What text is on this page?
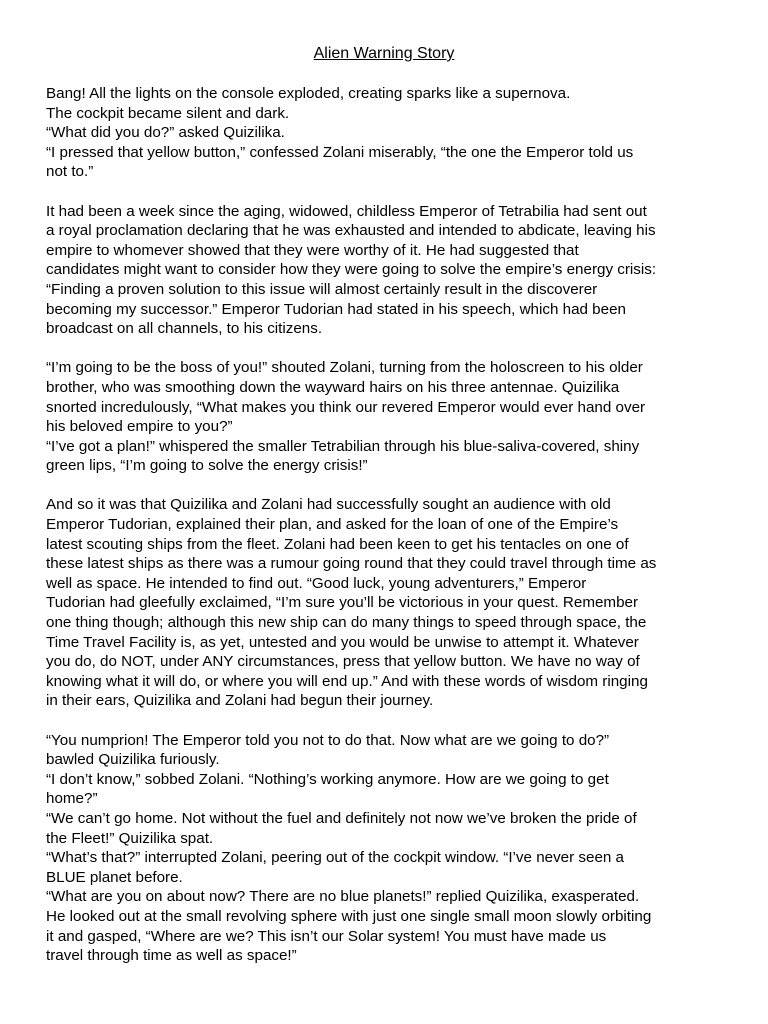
Alien Warning Story
Bang! All the lights on the console exploded, creating sparks like a supernova.
The cockpit became silent and dark.
“What did you do?” asked Quizilika.
“I pressed that yellow button,” confessed Zolani miserably, “the one the Emperor told us
not to.”
It had been a week since the aging, widowed, childless Emperor of Tetrabilia had sent out
a royal proclamation declaring that he was exhausted and intended to abdicate, leaving his
empire to whomever showed that they were worthy of it. He had suggested that
candidates might want to consider how they were going to solve the empire’s energy crisis:
“Finding a proven solution to this issue will almost certainly result in the discoverer
becoming my successor.” Emperor Tudorian had stated in his speech, which had been
broadcast on all channels, to his citizens.
“I’m going to be the boss of you!” shouted Zolani, turning from the holoscreen to his older
brother, who was smoothing down the wayward hairs on his three antennae. Quizilika
snorted incredulously, “What makes you think our revered Emperor would ever hand over
his beloved empire to you?”
“I’ve got a plan!” whispered the smaller Tetrabilian through his blue-saliva-covered, shiny
green lips, “I’m going to solve the energy crisis!”
And so it was that Quizilika and Zolani had successfully sought an audience with old
Emperor Tudorian, explained their plan, and asked for the loan of one of the Empire’s
latest scouting ships from the fleet. Zolani had been keen to get his tentacles on one of
these latest ships as there was a rumour going round that they could travel through time as
well as space. He intended to find out. “Good luck, young adventurers,” Emperor
Tudorian had gleefully exclaimed, “I’m sure you’ll be victorious in your quest. Remember
one thing though; although this new ship can do many things to speed through space, the
Time Travel Facility is, as yet, untested and you would be unwise to attempt it. Whatever
you do, do NOT, under ANY circumstances, press that yellow button. We have no way of
knowing what it will do, or where you will end up.” And with these words of wisdom ringing
in their ears, Quizilika and Zolani had begun their journey.
“You numprion! The Emperor told you not to do that. Now what are we going to do?”
bawled Quizilika furiously.
“I don’t know,” sobbed Zolani. “Nothing’s working anymore. How are we going to get
home?”
“We can’t go home. Not without the fuel and definitely not now we’ve broken the pride of
the Fleet!” Quizilika spat.
“What’s that?” interrupted Zolani, peering out of the cockpit window. “I’ve never seen a
BLUE planet before.
“What are you on about now? There are no blue planets!” replied Quizilika, exasperated.
He looked out at the small revolving sphere with just one single small moon slowly orbiting
it and gasped, “Where are we? This isn’t our Solar system! You must have made us
travel through time as well as space!”
